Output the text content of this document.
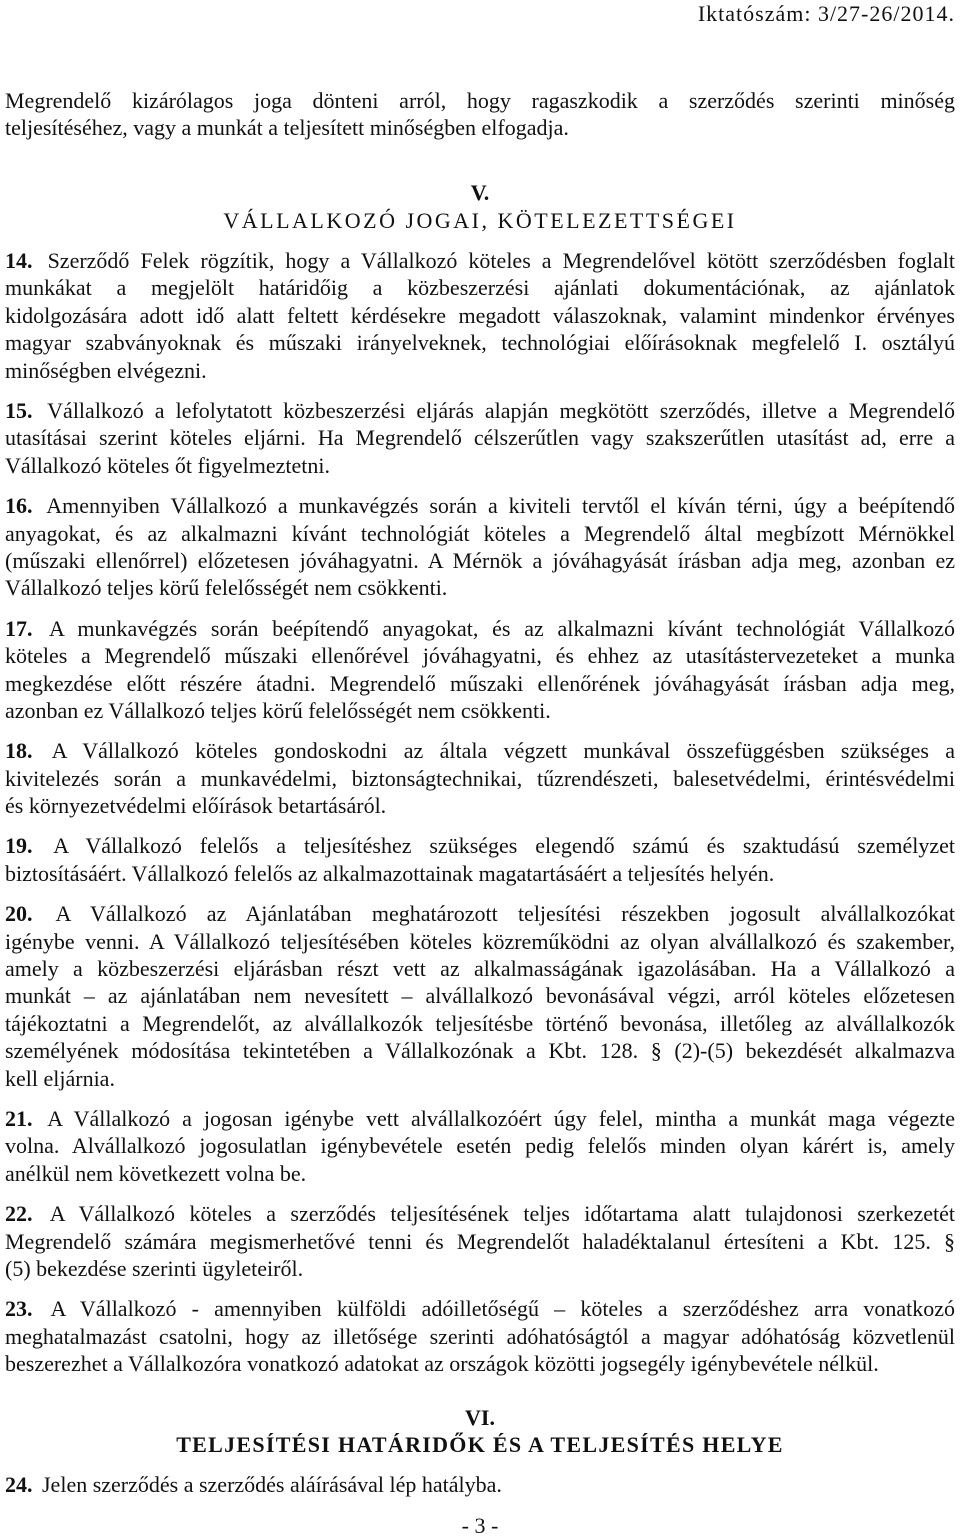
Iktatószám: 3/27-26/2014.
Megrendelő kizárólagos joga dönteni arról, hogy ragaszkodik a szerződés szerinti minőség
teljesítéséhez, vagy a munkát a teljesített minőségben elfogadja.
V.
VÁLLALKOZÓ JOGAI, KÖTELEZETTSÉGEI
14. Szerződő Felek rögzítik, hogy a Vállalkozó köteles a Megrendelővel kötött szerződésben foglalt
munkákat a megjelölt határidőig a közbeszerzési ajánlati dokumentációnak, az ajánlatok
kidolgozására adott idő alatt feltett kérdésekre megadott válaszoknak, valamint mindenkor érvényes
magyar szabványoknak és műszaki irányelveknek, technológiai előírásoknak megfelelő I. osztályú
minőségben elvégezni.
15. Vállalkozó a lefolytatott közbeszerzési eljárás alapján megkötött szerződés, illetve a Megrendelő
utasításai szerint köteles eljárni. Ha Megrendelő célszerűtlen vagy szakszerűtlen utasítást ad, erre a
Vállalkozó köteles őt figyelmeztetni.
16. Amennyiben Vállalkozó a munkavégzés során a kiviteli tervtől el kíván térni, úgy a beépítendő
anyagokat, és az alkalmazni kívánt technológiát köteles a Megrendelő által megbízott Mérnökkel
(műszaki ellenőrrel) előzetesen jóváhagyatni. A Mérnök a jóváhagyását írásban adja meg, azonban ez
Vállalkozó teljes körű felelősségét nem csökkenti.
17. A munkavégzés során beépítendő anyagokat, és az alkalmazni kívánt technológiát Vállalkozó
köteles a Megrendelő műszaki ellenőrével jóváhagyatni, és ehhez az utasítástervezeteket a munka
megkezdése előtt részére átadni. Megrendelő műszaki ellenőrének jóváhagyását írásban adja meg,
azonban ez Vállalkozó teljes körű felelősségét nem csökkenti.
18. A Vállalkozó köteles gondoskodni az általa végzett munkával összefüggésben szükséges a
kivitelezés során a munkavédelmi, biztonságtechnikai, tűzrendészeti, balesetvédelmi, érintésvédelmi
és környezetvédelmi előírások betartásáról.
19. A Vállalkozó felelős a teljesítéshez szükséges elegendő számú és szaktudású személyzet
biztosításáért. Vállalkozó felelős az alkalmazottainak magatartásáért a teljesítés helyén.
20. A Vállalkozó az Ajánlatában meghatározott teljesítési részekben jogosult alvállalkozókat
igénybe venni. A Vállalkozó teljesítésében köteles közreműködni az olyan alvállalkozó és szakember,
amely a közbeszerzési eljárásban részt vett az alkalmasságának igazolásában. Ha a Vállalkozó a
munkát – az ajánlatában nem nevesített – alvállalkozó bevonásával végzi, arról köteles előzetesen
tájékoztatni a Megrendelőt, az alvállalkozók teljesítésbe történő bevonása, illetőleg az alvállalkozók
személyének módosítása tekintetében a Vállalkozónak a Kbt. 128. § (2)-(5) bekezdését alkalmazva
kell eljárnia.
21. A Vállalkozó a jogosan igénybe vett alvállalkozóért úgy felel, mintha a munkát maga végezte
volna. Alvállalkozó jogosulatlan igénybevétele esetén pedig felelős minden olyan kárért is, amely
anélkül nem következett volna be.
22. A Vállalkozó köteles a szerződés teljesítésének teljes időtartama alatt tulajdonosi szerkezetét
Megrendelő számára megismerhetővé tenni és Megrendelőt haladéktalanul értesíteni a Kbt. 125. §
(5) bekezdése szerinti ügyleteiről.
23. A Vállalkozó - amennyiben külföldi adóilletőségű – köteles a szerződéshez arra vonatkozó
meghatalmazást csatolni, hogy az illetősége szerinti adóhatóságtól a magyar adóhatóság közvetlenül
beszerezhet a Vállalkozóra vonatkozó adatokat az országok közötti jogsegély igénybevétele nélkül.
VI.
TELJESÍTÉSI HATÁRIDŐK ÉS A TELJESÍTÉS HELYE
24. Jelen szerződés a szerződés aláírásával lép hatályba.
- 3 -
